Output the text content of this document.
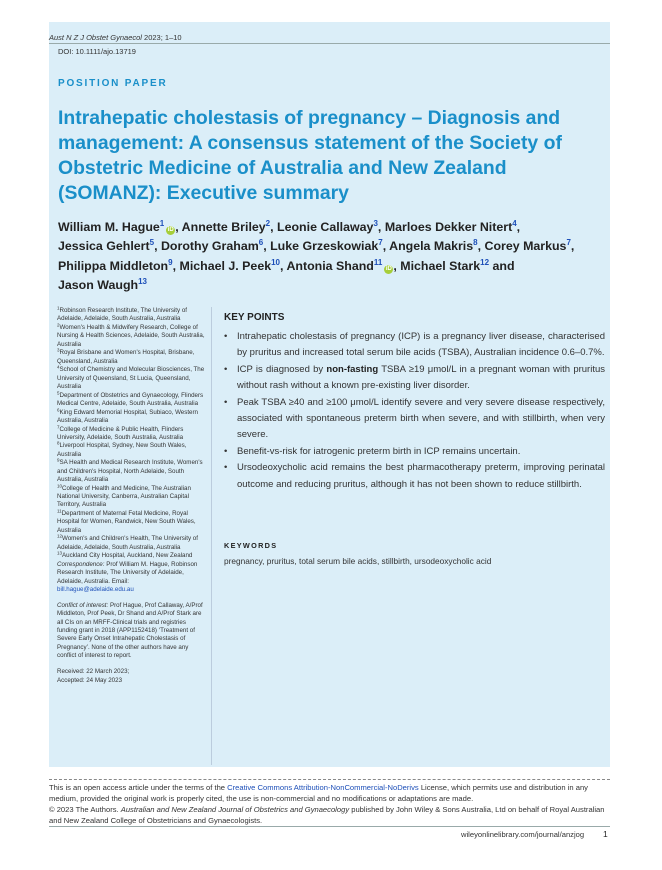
Aust N Z J Obstet Gynaecol 2023; 1–10
DOI: 10.1111/ajo.13719
POSITION PAPER
Intrahepatic cholestasis of pregnancy – Diagnosis and management: A consensus statement of the Society of Obstetric Medicine of Australia and New Zealand (SOMANZ): Executive summary
William M. Hague$^1$iD , Annette Briley$^2$, Leonie Callaway$^3$, Marloes Dekker Nitert$^4$, Jessica Gehlert$^5$, Dorothy Graham$^6$, Luke Grzeskowiak$^7$, Angela Makris$^8$, Corey Markus$^7$, Philippa Middleton$^9$, Michael J. Peek$^{10}$, Antonia Shand$^{11}$iD , Michael Stark$^{12}$ and Jason Waugh$^{13}$
$^1$Robinson Research Institute, The University of Adelaide, Adelaide, South Australia, Australia
$^2$Women's Health & Midwifery Research, College of Nursing & Health Sciences, Adelaide, South Australia, Australia
$^3$Royal Brisbane and Women's Hospital, Brisbane, Queensland, Australia
$^4$School of Chemistry and Molecular Biosciences, The University of Queensland, St Lucia, Queensland, Australia
$^5$Department of Obstetrics and Gynaecology, Flinders Medical Centre, Adelaide, South Australia, Australia
$^6$King Edward Memorial Hospital, Subiaco, Western Australia, Australia
$^7$College of Medicine & Public Health, Flinders University, Adelaide, South Australia, Australia
$^8$Liverpool Hospital, Sydney, New South Wales, Australia
$^9$SA Health and Medical Research Institute, Women's and Children's Hospital, North Adelaide, South Australia, Australia
$^{10}$College of Health and Medicine, The Australian National University, Canberra, Australian Capital Territory, Australia
$^{11}$Department of Maternal Fetal Medicine, Royal Hospital for Women, Randwick, New South Wales, Australia
$^{12}$Women's and Children's Health, The University of Adelaide, Adelaide, South Australia, Australia
$^{13}$Auckland City Hospital, Auckland, New Zealand
Correspondence: Prof William M. Hague, Robinson Research Institute, The University of Adelaide, Adelaide, Australia. Email: bill.hague@adelaide.edu.au
Conflict of interest: Prof Hague, Prof Callaway, A/Prof Middleton, Prof Peek, Dr Shand and A/Prof Stark are all CIs on an MRFF-Clinical trials and registries funding grant in 2018 (APP1152418) ‘Treatment of Severe Early Onset Intrahepatic Cholestasis of Pregnancy’. None of the other authors have any conflict of interest to report.
Received: 22 March 2023;
Accepted: 24 May 2023
KEY POINTS
• Intrahepatic cholestasis of pregnancy (ICP) is a pregnancy liver disease, characterised by pruritus and increased total serum bile acids (TSBA), Australian incidence 0.6–0.7%.
• ICP is diagnosed by non-fasting TSBA ≥19 μmol/L in a pregnant woman with pruritus without rash without a known pre-existing liver disorder.
• Peak TSBA ≥40 and ≥100 μmol/L identify severe and very severe disease respectively, associated with spontaneous preterm birth when severe, and with stillbirth, when very severe.
• Benefit-vs-risk for iatrogenic preterm birth in ICP remains uncertain.
• Ursodeoxycholic acid remains the best pharmacotherapy preterm, improving perinatal outcome and reducing pruritus, although it has not been shown to reduce stillbirth.
KEYWORDS
pregnancy, pruritus, total serum bile acids, stillbirth, ursodeoxycholic acid
This is an open access article under the terms of the Creative Commons Attribution-NonCommercial-NoDerivs License, which permits use and distribution in any medium, provided the original work is properly cited, the use is non-commercial and no modifications or adaptations are made.
© 2023 The Authors. Australian and New Zealand Journal of Obstetrics and Gynaecology published by John Wiley & Sons Australia, Ltd on behalf of Royal Australian and New Zealand College of Obstetricians and Gynaecologists.
wileyonlinelibrary.com/journal/anzjog 1
